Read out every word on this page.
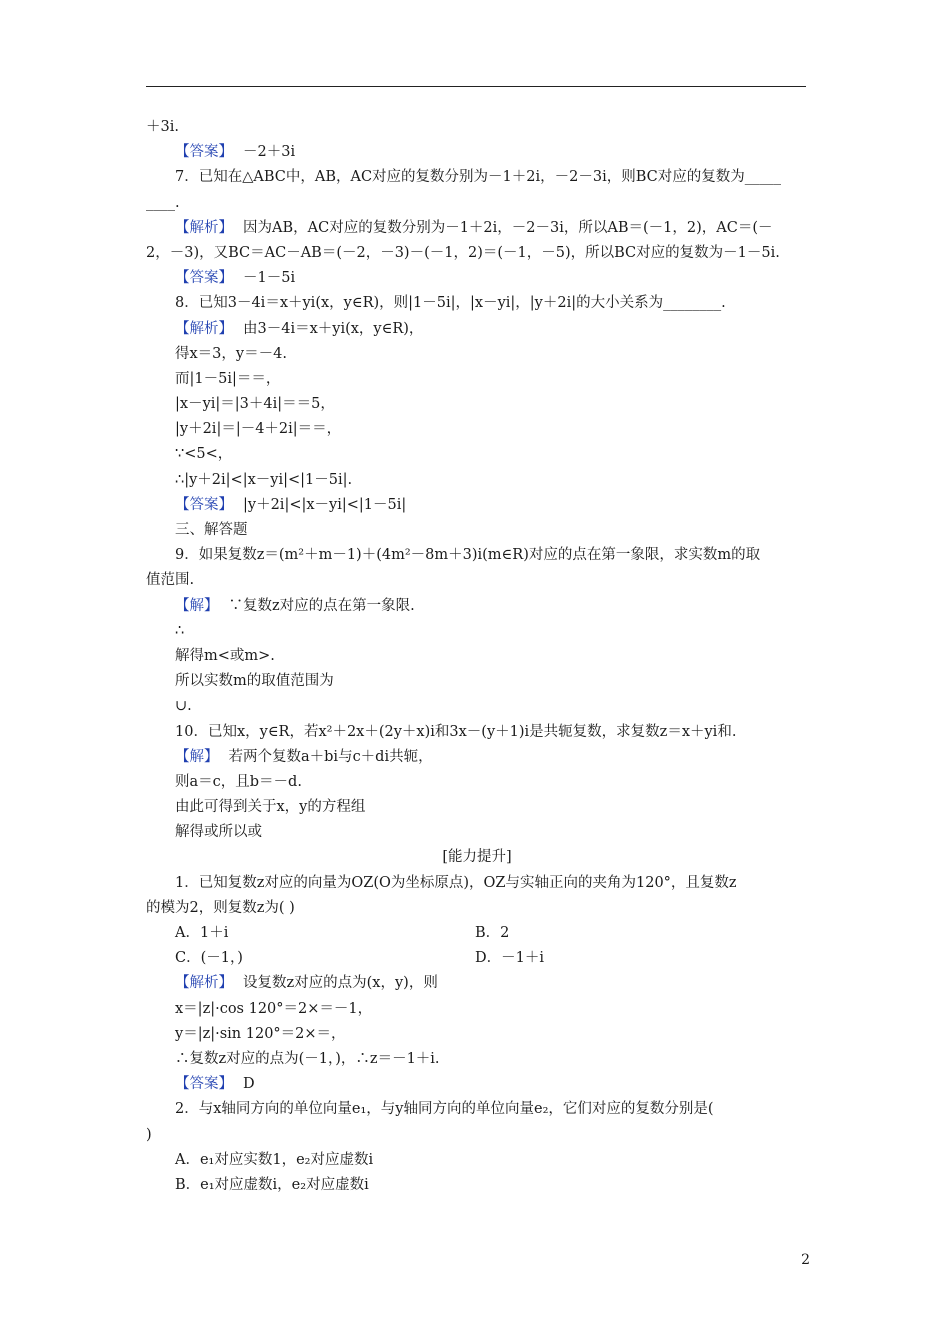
＋3i.
【答案】 －2＋3i
7．已知在△ABC中，AB，AC对应的复数分别为－1＋2i，－2－3i，则BC对应的复数为_____
____.
【解析】 因为AB，AC对应的复数分别为－1＋2i，－2－3i，所以AB＝(－1，2)，AC＝(－
2，－3)，又BC＝AC－AB＝(－2，－3)－(－1，2)＝(－1，－5)，所以BC对应的复数为－1－5i.
【答案】 －1－5i
8．已知3－4i＝x＋yi(x，y∈R)，则|1－5i|，|x－yi|，|y＋2i|的大小关系为________.
【解析】 由3－4i＝x＋yi(x，y∈R)，
得x＝3，y＝－4.
而|1－5i|＝＝，
|x－yi|＝|3＋4i|＝＝5，
|y＋2i|＝|－4＋2i|＝＝，
∵<5<，
∴|y＋2i|<|x－yi|<|1－5i|.
【答案】 |y＋2i|<|x－yi|<|1－5i|
三、解答题
9．如果复数z＝(m²＋m－1)＋(4m²－8m＋3)i(m∈R)对应的点在第一象限，求实数m的取
值范围.
【解】 ∵复数z对应的点在第一象限.
∴
解得m<或m>.
所以实数m的取值范围为
∪.
10．已知x，y∈R，若x²＋2x＋(2y＋x)i和3x－(y＋1)i是共轭复数，求复数z＝x＋yi和.
【解】 若两个复数a＋bi与c＋di共轭，
则a＝c，且b＝－d.
由此可得到关于x，y的方程组
解得或所以或
[能力提升]
1．已知复数z对应的向量为OZ(O为坐标原点)，OZ与实轴正向的夹角为120°，且复数z
的模为2，则复数z为( )
A．1＋i	B．2
C．(－1，)	D．－1＋i
【解析】 设复数z对应的点为(x，y)，则
x＝|z|·cos 120°＝2×＝－1，
y＝|z|·sin 120°＝2×＝，
∴复数z对应的点为(－1，)，∴z＝－1＋i.
【答案】 D
2．与x轴同方向的单位向量e₁，与y轴同方向的单位向量e₂，它们对应的复数分别是(
)
A．e₁对应实数1，e₂对应虚数i
B．e₁对应虚数i，e₂对应虚数i
2
